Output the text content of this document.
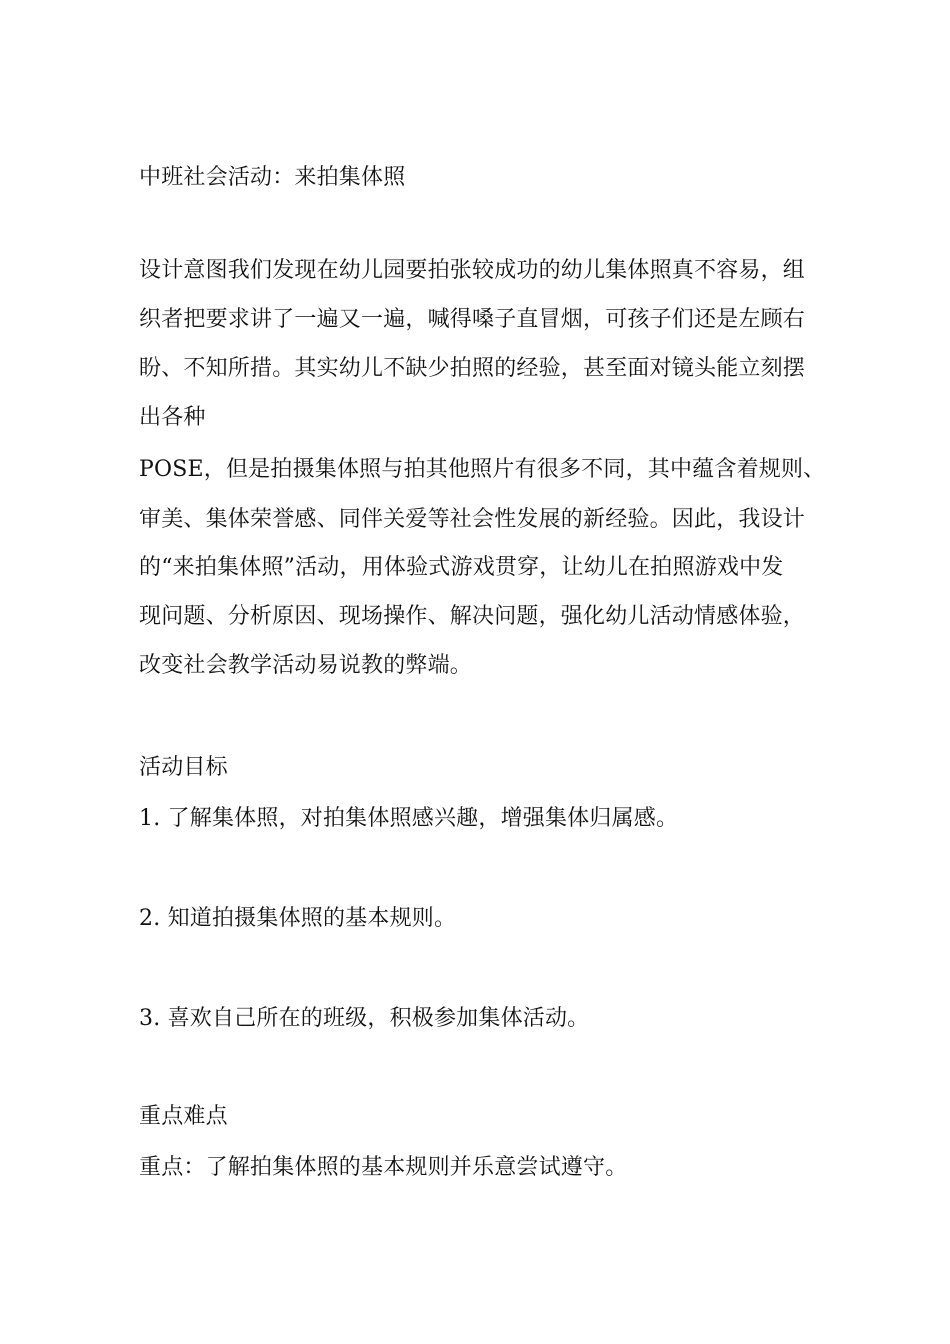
中班社会活动：来拍集体照
设计意图我们发现在幼儿园要拍张较成功的幼儿集体照真不容易，组
织者把要求讲了一遍又一遍，喊得嗓子直冒烟，可孩子们还是左顾右
盼、不知所措。其实幼儿不缺少拍照的经验，甚至面对镜头能立刻摆
出各种
POSE，但是拍摄集体照与拍其他照片有很多不同，其中蕴含着规则、
审美、集体荣誉感、同伴关爱等社会性发展的新经验。因此，我设计
的“来拍集体照”活动，用体验式游戏贯穿，让幼儿在拍照游戏中发
现问题、分析原因、现场操作、解决问题，强化幼儿活动情感体验，
改变社会教学活动易说教的弊端。
活动目标
1. 了解集体照，对拍集体照感兴趣，增强集体归属感。
2. 知道拍摄集体照的基本规则。
3. 喜欢自己所在的班级，积极参加集体活动。
重点难点
重点：了解拍集体照的基本规则并乐意尝试遵守。
